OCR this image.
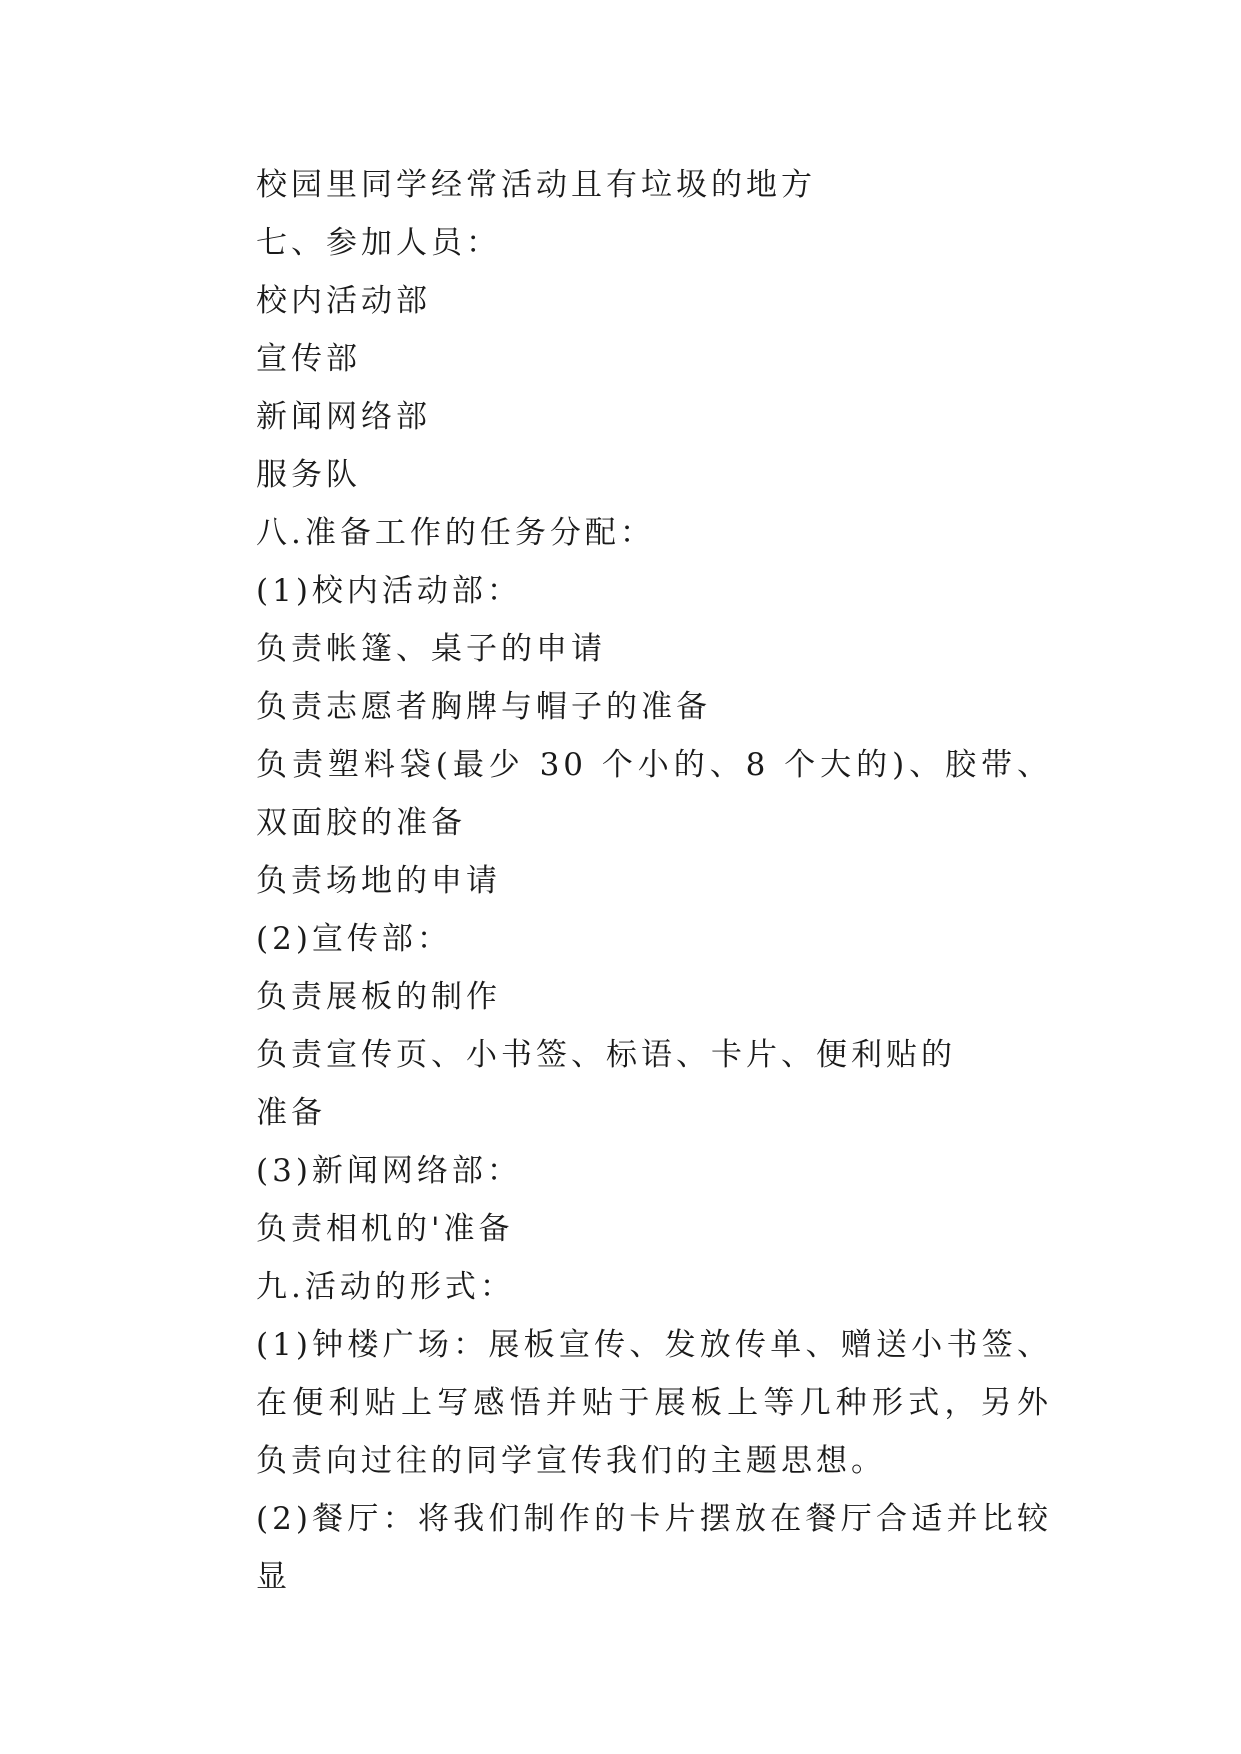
校园里同学经常活动且有垃圾的地方

七、参加人员：

校内活动部

宣传部

新闻网络部

服务队

八.准备工作的任务分配：

(1)校内活动部：

负责帐篷、桌子的申请

负责志愿者胸牌与帽子的准备

负责塑料袋(最少 30 个小的、8 个大的)、胶带、双面胶的准备

负责场地的申请

(2)宣传部：

负责展板的制作

负责宣传页、小书签、标语、卡片、便利贴的

准备

(3)新闻网络部：

负责相机的'准备

九.活动的形式：

(1)钟楼广场：展板宣传、发放传单、赠送小书签、在便利贴上写感悟并贴于展板上等几种形式，另外负责向过往的同学宣传我们的主题思想。

(2)餐厅：将我们制作的卡片摆放在餐厅合适并比较显
